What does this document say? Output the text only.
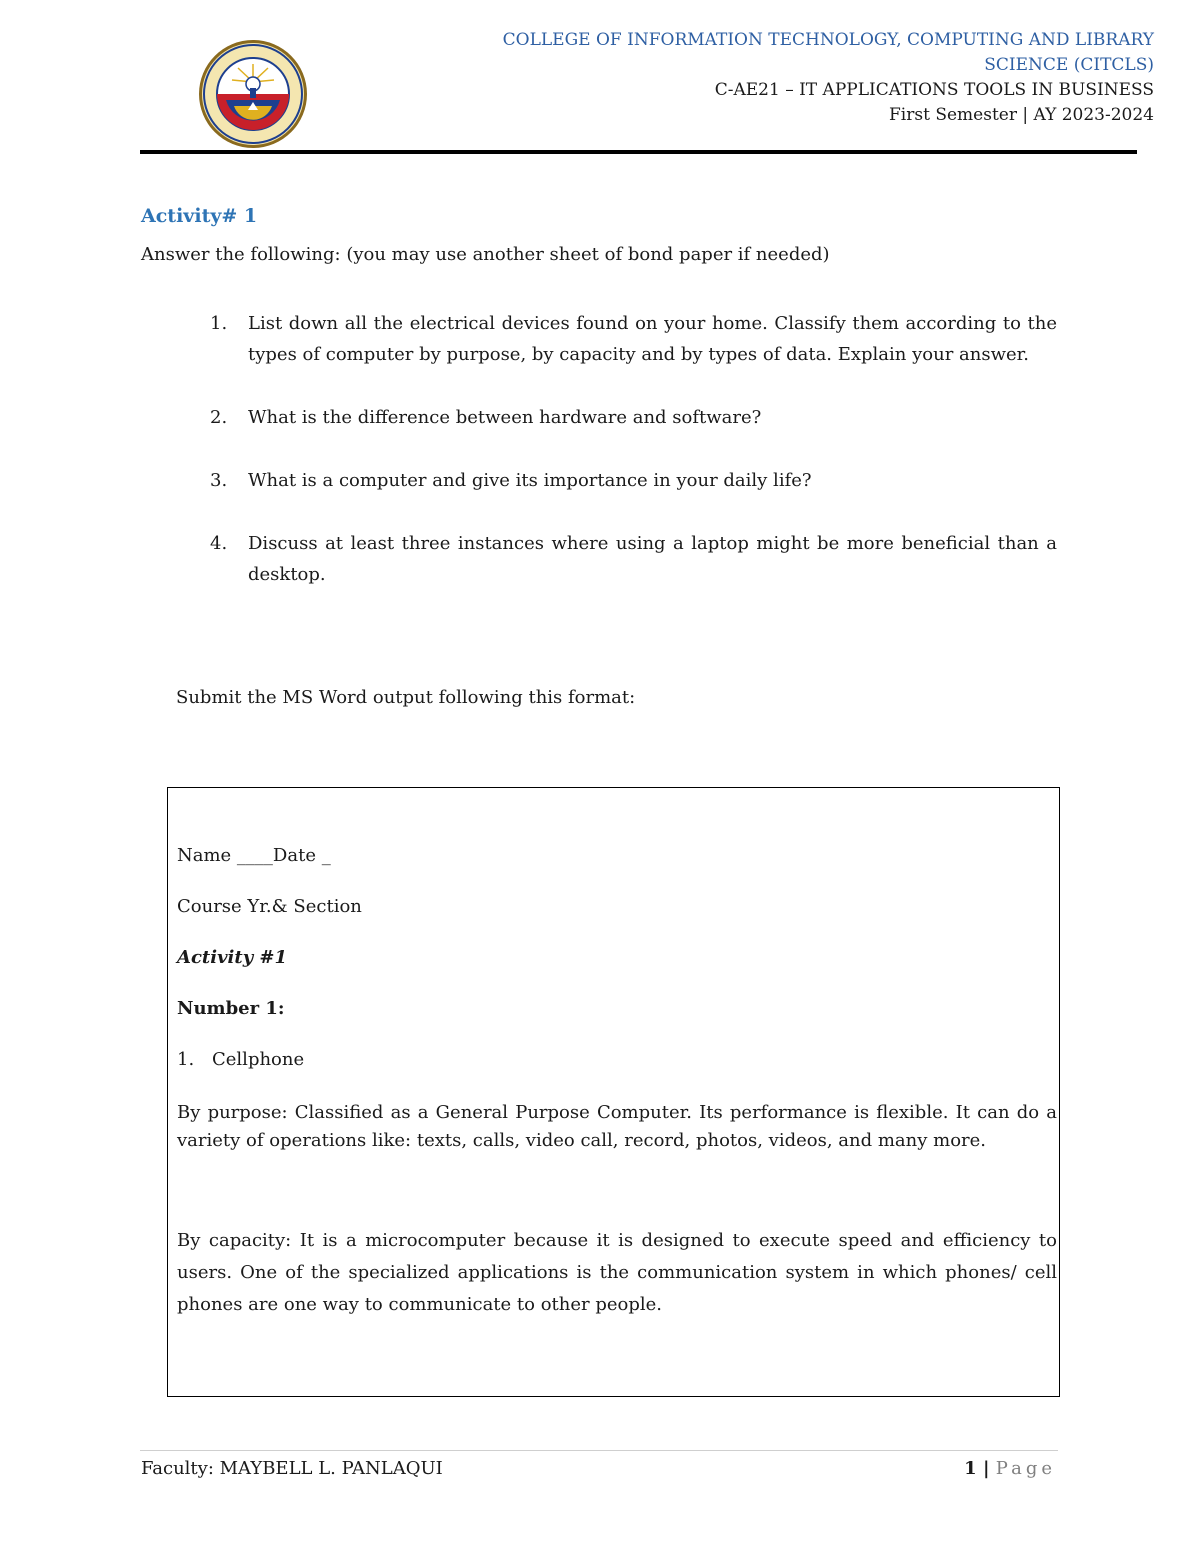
COLLEGE OF INFORMATION TECHNOLOGY, COMPUTING AND LIBRARY
SCIENCE (CITCLS)
C-AE21 – IT APPLICATIONS TOOLS IN BUSINESS
First Semester | AY 2023-2024
Activity# 1
Answer the following: (you may use another sheet of bond paper if needed)
1.	List down all the electrical devices found on your home. Classify them according to the types of computer by purpose, by capacity and by types of data. Explain your answer.
2.	What is the difference between hardware and software?
3.	What is a computer and give its importance in your daily life?
4.	Discuss at least three instances where using a laptop might be more beneficial than a desktop.
Submit the MS Word output following this format:
Name ____Date _
Course Yr.& Section
Activity #1
Number 1:
1. Cellphone
By purpose: Classified as a General Purpose Computer. Its performance is flexible. It can do a variety of operations like: texts, calls, video call, record, photos, videos, and many more.
By capacity: It is a microcomputer because it is designed to execute speed and efficiency to users. One of the specialized applications is the communication system in which phones/ cell phones are one way to communicate to other people.
Faculty: MAYBELL L. PANLAQUI	1 | Page
